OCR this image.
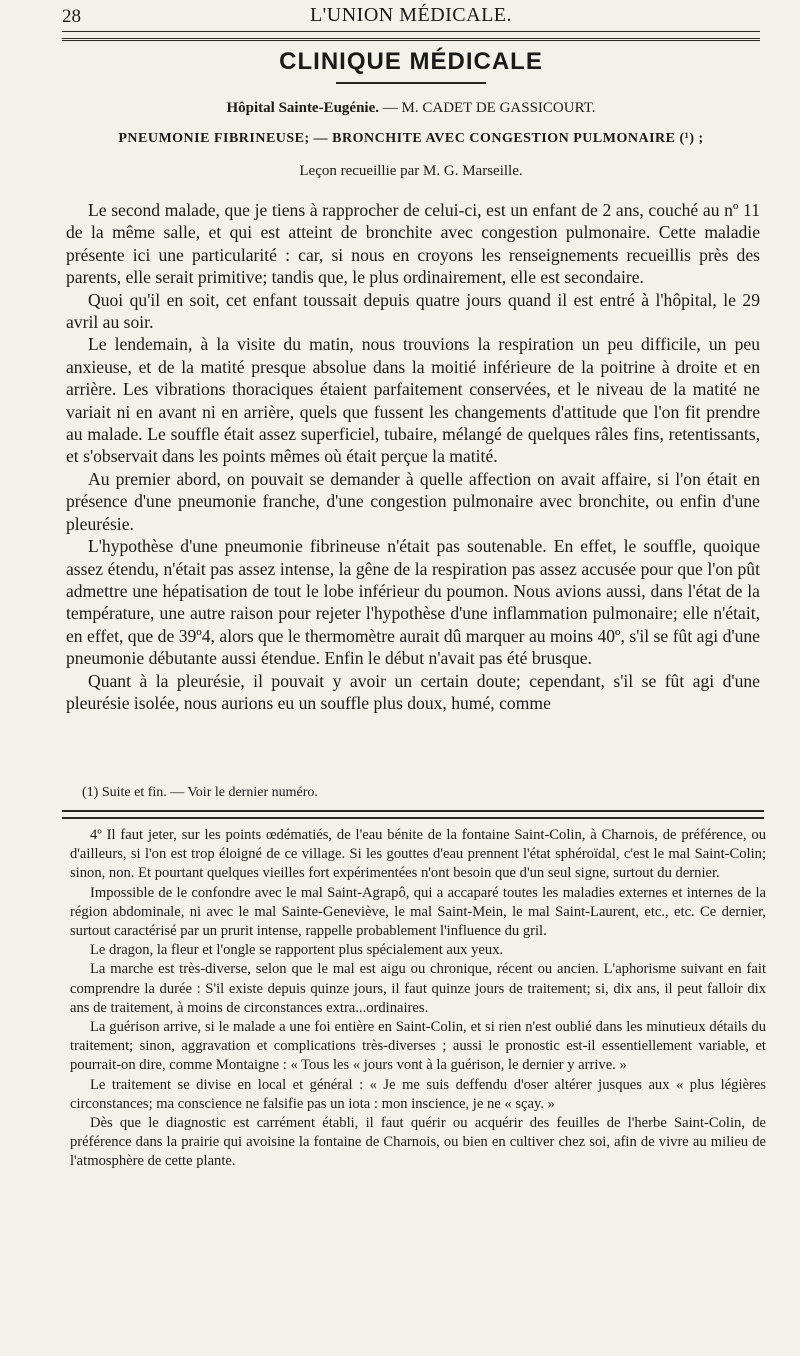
28	L'UNION MÉDICALE.
CLINIQUE MÉDICALE
Hôpital Sainte-Eugénie. — M. CADET DE GASSICOURT.
PNEUMONIE FIBRINEUSE; — BRONCHITE AVEC CONGESTION PULMONAIRE (¹) ;
Leçon recueillie par M. G. Marseille.

Le second malade, que je tiens à rapprocher de celui-ci, est un enfant de 2 ans, couché au nº 11 de la même salle, et qui est atteint de bronchite avec congestion pulmonaire. Cette maladie présente ici une particularité : car, si nous en croyons les renseignements recueillis près des parents, elle serait primitive; tandis que, le plus ordinairement, elle est secondaire.

Quoi qu'il en soit, cet enfant toussait depuis quatre jours quand il est entré à l'hôpital, le 29 avril au soir.

Le lendemain, à la visite du matin, nous trouvions la respiration un peu difficile, un peu anxieuse, et de la matité presque absolue dans la moitié inférieure de la poitrine à droite et en arrière. Les vibrations thoraciques étaient parfaitement conservées, et le niveau de la matité ne variait ni en avant ni en arrière, quels que fussent les changements d'attitude que l'on fit prendre au malade. Le souffle était assez superficiel, tubaire, mélangé de quelques râles fins, retentissants, et s'observait dans les points mêmes où était perçue la matité.

Au premier abord, on pouvait se demander à quelle affection on avait affaire, si l'on était en présence d'une pneumonie franche, d'une congestion pulmonaire avec bronchite, ou enfin d'une pleurésie.

L'hypothèse d'une pneumonie fibrineuse n'était pas soutenable. En effet, le souffle, quoique assez étendu, n'était pas assez intense, la gêne de la respiration pas assez accusée pour que l'on pût admettre une hépatisation de tout le lobe inférieur du poumon. Nous avions aussi, dans l'état de la température, une autre raison pour rejeter l'hypothèse d'une inflammation pulmonaire; elle n'était, en effet, que de 39º4, alors que le thermomètre aurait dû marquer au moins 40º, s'il se fût agi d'une pneumonie débutante aussi étendue. Enfin le début n'avait pas été brusque.

Quant à la pleurésie, il pouvait y avoir un certain doute; cependant, s'il se fût agi d'une pleurésie isolée, nous aurions eu un souffle plus doux, humé, comme

(1) Suite et fin. — Voir le dernier numéro.

4º Il faut jeter, sur les points œdématiés, de l'eau bénite de la fontaine Saint-Colin, à Charnois, de préférence, ou d'ailleurs, si l'on est trop éloigné de ce village. Si les gouttes d'eau prennent l'état sphéroïdal, c'est le mal Saint-Colin; sinon, non. Et pourtant quelques vieilles fort expérimentées n'ont besoin que d'un seul signe, surtout du dernier.

Impossible de le confondre avec le mal Saint-Agrapô, qui a accaparé toutes les maladies externes et internes de la région abdominale, ni avec le mal Sainte-Geneviève, le mal Saint-Mein, le mal Saint-Laurent, etc., etc. Ce dernier, surtout caractérisé par un prurit intense, rappelle probablement l'influence du gril.

Le dragon, la fleur et l'ongle se rapportent plus spécialement aux yeux.

La marche est très-diverse, selon que le mal est aigu ou chronique, récent ou ancien. L'aphorisme suivant en fait comprendre la durée : S'il existe depuis quinze jours, il faut quinze jours de traitement; si, dix ans, il peut falloir dix ans de traitement, à moins de circonstances extra...ordinaires.

La guérison arrive, si le malade a une foi entière en Saint-Colin, et si rien n'est oublié dans les minutieux détails du traitement; sinon, aggravation et complications très-diverses ; aussi le pronostic est-il essentiellement variable, et pourrait-on dire, comme Montaigne : « Tous les « jours vont à la guérison, le dernier y arrive. »

Le traitement se divise en local et général : « Je me suis deffendu d'oser altérer jusques aux « plus légières circonstances; ma conscience ne falsifie pas un iota : mon inscience, je ne « sçay. »

Dès que le diagnostic est carrément établi, il faut quérir ou acquérir des feuilles de l'herbe Saint-Colin, de préférence dans la prairie qui avoisine la fontaine de Charnois, ou bien en cultiver chez soi, afin de vivre au milieu de l'atmosphère de cette plante.
